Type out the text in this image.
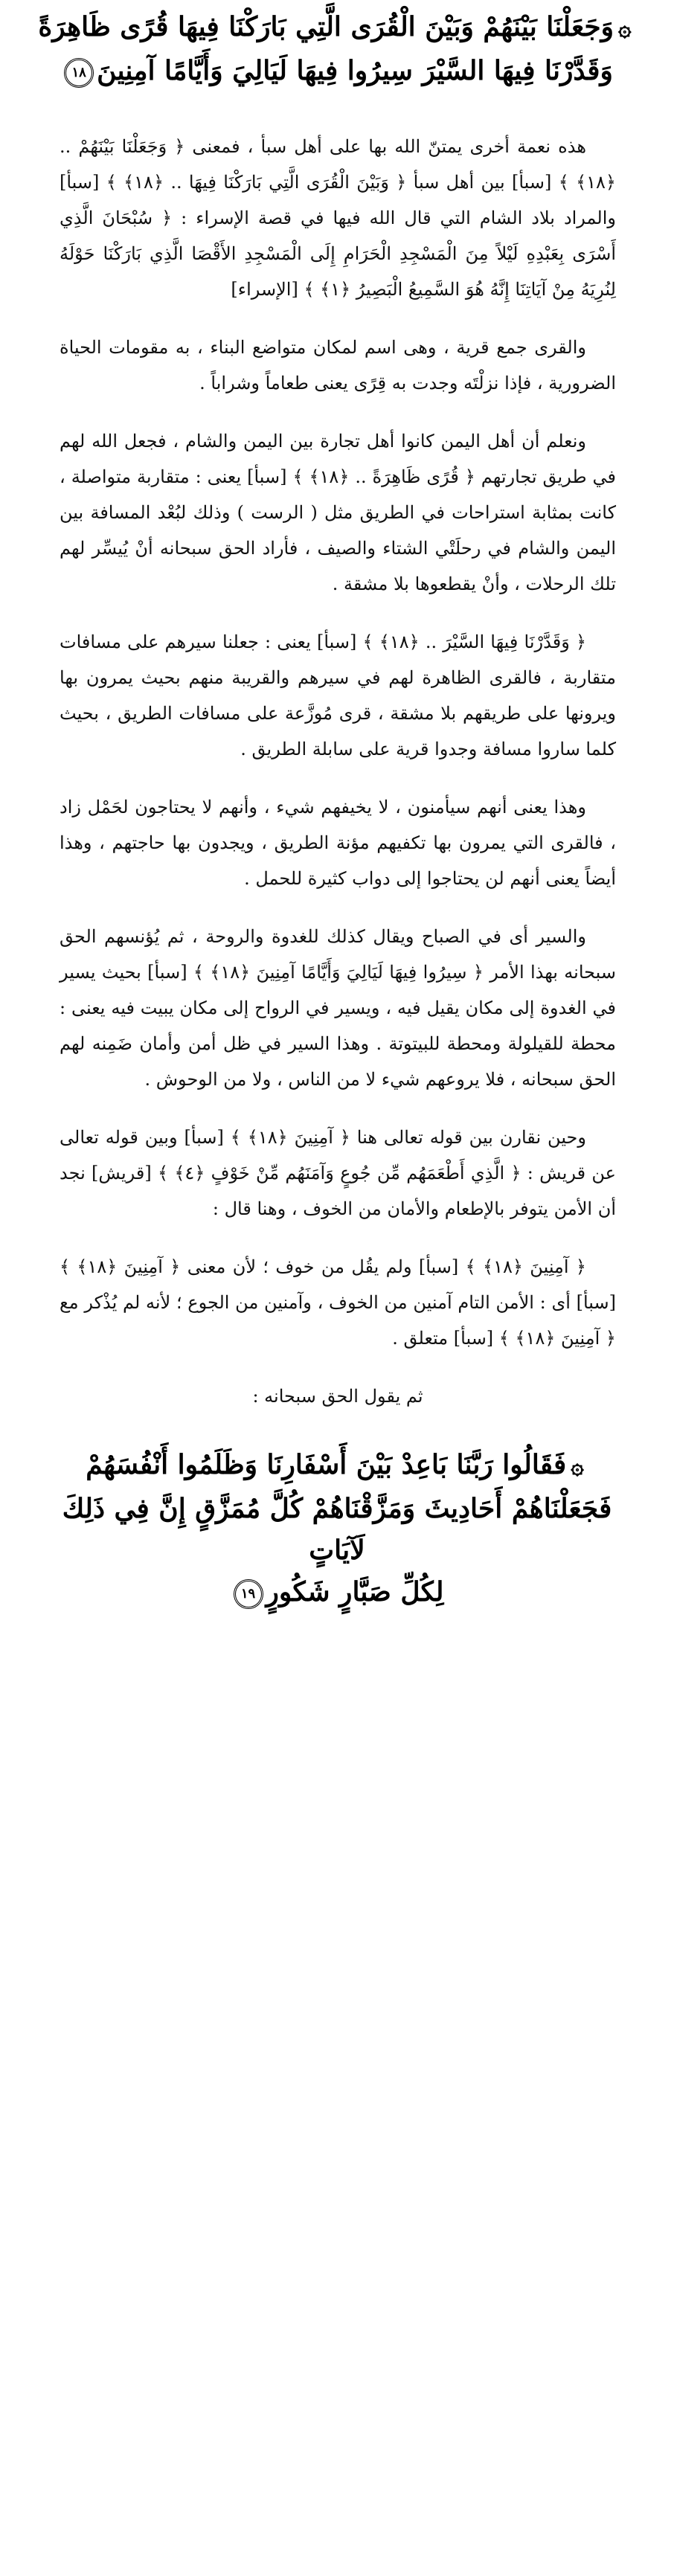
۞وَجَعَلْنَا بَيْنَهُمْ وَبَيْنَ الْقُرَى الَّتِي بَارَكْنَا فِيهَا قُرًى ظَاهِرَةً
وَقَدَّرْنَا فِيهَا السَّيْرَ سِيرُوا فِيهَا لَيَالِيَ وَأَيَّامًا آمِنِينَ١٨

هذه نعمة أخرى يمتنّ الله بها على أهل سبأ ، فمعنى ﴿ وَجَعَلْنَا بَيْنَهُمْ .. ﴿١٨﴾ ﴾ [سبأ] بين أهل سبأ ﴿ وَبَيْنَ الْقُرَى الَّتِي بَارَكْنَا فِيهَا .. ﴿١٨﴾ ﴾ [سبأ] والمراد بلاد الشام التي قال الله فيها في قصة الإسراء : ﴿ سُبْحَانَ الَّذِي أَسْرَى بِعَبْدِهِ لَيْلاً مِنَ الْمَسْجِدِ الْحَرَامِ إِلَى الْمَسْجِدِ الأَقْصَا الَّذِي بَارَكْنَا حَوْلَهُ لِنُرِيَهُ مِنْ آيَاتِنَا إِنَّهُ هُوَ السَّمِيعُ الْبَصِيرُ ﴿١﴾ ﴾ [الإسراء]

والقرى جمع قرية ، وهى اسم لمكان متواضع البناء ، به مقومات الحياة الضرورية ، فإذا نزلْتَه وجدت به قِرًى يعنى طعاماً وشراباً .

ونعلم أن أهل اليمن كانوا أهل تجارة بين اليمن والشام ، فجعل الله لهم في طريق تجارتهم ﴿ قُرًى ظَاهِرَةً .. ﴿١٨﴾ ﴾ [سبأ] يعنى : متقاربة متواصلة ، كانت بمثابة استراحات في الطريق مثل ( الرست ) وذلك لبُعْد المسافة بين اليمن والشام في رحلَتْي الشتاء والصيف ، فأراد الحق سبحانه أنْ يُيسِّر لهم تلك الرحلات ، وأنْ يقطعوها بلا مشقة .

﴿ وَقَدَّرْنَا فِيهَا السَّيْرَ .. ﴿١٨﴾ ﴾ [سبأ] يعنى : جعلنا سيرهم على مسافات متقاربة ، فالقرى الظاهرة لهم في سيرهم والقريبة منهم بحيث يمرون بها ويرونها على طريقهم بلا مشقة ، قرى مُوزَّعة على مسافات الطريق ، بحيث كلما ساروا مسافة وجدوا قرية على سابلة الطريق .

وهذا يعنى أنهم سيأمنون ، لا يخيفهم شيء ، وأنهم لا يحتاجون لحَمْل زاد ، فالقرى التي يمرون بها تكفيهم مؤنة الطريق ، ويجدون بها حاجتهم ، وهذا أيضاً يعنى أنهم لن يحتاجوا إلى دواب كثيرة للحمل .

والسير أى في الصباح ويقال كذلك للغدوة والروحة ، ثم يُؤنسهم الحق سبحانه بهذا الأمر ﴿ سِيرُوا فِيهَا لَيَالِيَ وَأَيَّامًا آمِنِينَ ﴿١٨﴾ ﴾ [سبأ] بحيث يسير في الغدوة إلى مكان يقيل فيه ، ويسير في الرواح إلى مكان يبيت فيه يعنى : محطة للقيلولة ومحطة للبيتوتة . وهذا السير في ظل أمن وأمان ضَمِنه لهم الحق سبحانه ، فلا يروعهم شيء لا من الناس ، ولا من الوحوش .

وحين نقارن بين قوله تعالى هنا ﴿ آمِنِينَ ﴿١٨﴾ ﴾ [سبأ] وبين قوله تعالى عن قريش : ﴿ الَّذِي أَطْعَمَهُم مِّن جُوعٍ وَآمَنَهُم مِّنْ خَوْفٍ ﴿٤﴾ ﴾ [قريش] نجد أن الأمن يتوفر بالإطعام والأمان من الخوف ، وهنا قال :

﴿ آمِنِينَ ﴿١٨﴾ ﴾ [سبأ] ولم يقُل من خوف ؛ لأن معنى ﴿ آمِنِينَ ﴿١٨﴾ ﴾ [سبأ] أى : الأمن التام آمنين من الخوف ، وآمنين من الجوع ؛ لأنه لم يُذْكر مع ﴿ آمِنِينَ ﴿١٨﴾ ﴾ [سبأ] متعلق .

ثم يقول الحق سبحانه :

۞فَقَالُوا رَبَّنَا بَاعِدْ بَيْنَ أَسْفَارِنَا وَظَلَمُوا أَنْفُسَهُمْ
فَجَعَلْنَاهُمْ أَحَادِيثَ وَمَزَّقْنَاهُمْ كُلَّ مُمَزَّقٍ إِنَّ فِي ذَلِكَ لَآيَاتٍ
لِكُلِّ صَبَّارٍ شَكُورٍ١٩
